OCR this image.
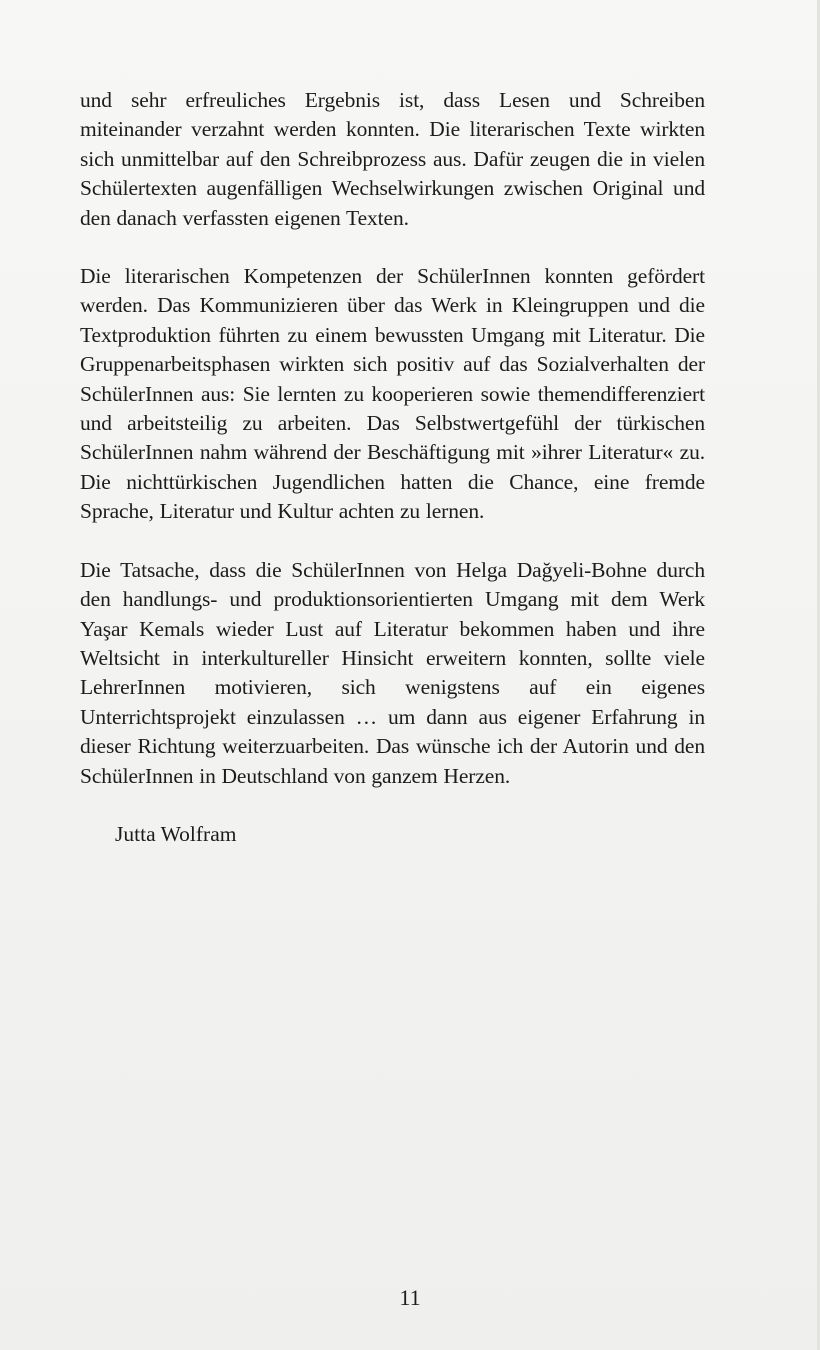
und sehr erfreuliches Ergebnis ist, dass Lesen und Schreiben miteinander verzahnt werden konnten. Die literarischen Texte wirkten sich unmittelbar auf den Schreibprozess aus. Dafür zeugen die in vielen Schülertexten augenfälligen Wechselwirkungen zwischen Original und den danach verfassten eigenen Texten.

Die literarischen Kompetenzen der SchülerInnen konnten gefördert werden. Das Kommunizieren über das Werk in Kleingruppen und die Textproduktion führten zu einem bewussten Umgang mit Literatur. Die Gruppenarbeitsphasen wirkten sich positiv auf das Sozialverhalten der SchülerInnen aus: Sie lernten zu kooperieren sowie themendifferenziert und arbeitsteilig zu arbeiten. Das Selbstwertgefühl der türkischen SchülerInnen nahm während der Beschäftigung mit »ihrer Literatur« zu. Die nichttürkischen Jugendlichen hatten die Chance, eine fremde Sprache, Literatur und Kultur achten zu lernen.

Die Tatsache, dass die SchülerInnen von Helga Dağyeli-Bohne durch den handlungs- und produktionsorientierten Umgang mit dem Werk Yaşar Kemals wieder Lust auf Literatur bekommen haben und ihre Weltsicht in interkultureller Hinsicht erweitern konnten, sollte viele LehrerInnen motivieren, sich wenigstens auf ein eigenes Unterrichtsprojekt einzulassen … um dann aus eigener Erfahrung in dieser Richtung weiterzuarbeiten. Das wünsche ich der Autorin und den SchülerInnen in Deutschland von ganzem Herzen.

Jutta Wolfram

11
